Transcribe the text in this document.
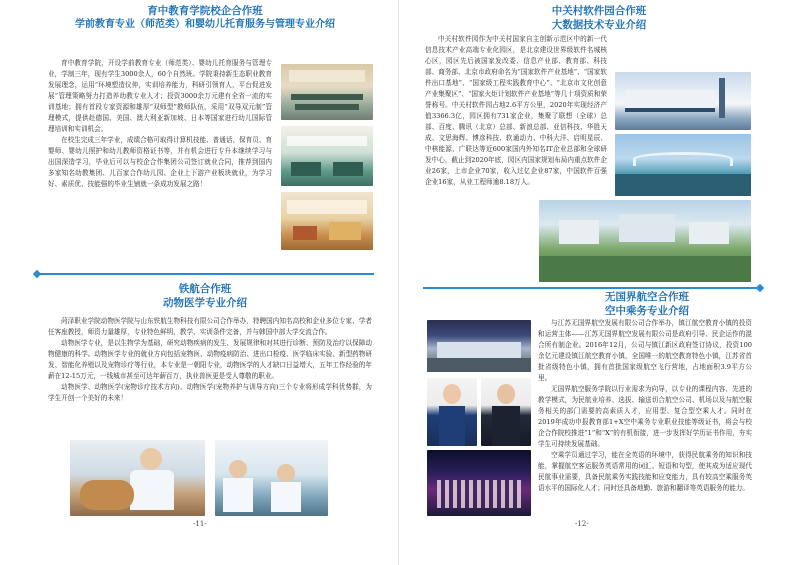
育中教育学院校企合作班
学前教育专业（师范类）和婴幼儿托育服务与管理专业介绍

育中教育学院，开设学前教育专业（师范类）、婴幼儿托育服务与管理专业，学制三年，现有学生3000余人，60个自然班。学院秉持新生态职业教育发展理念，运用“环境塑造仪仲，实训培养能力，科研引领育人，平台促进发展”管理策略努力打造养幼教专业人才；投资3000余万元建有全省一流的实训基地；拥有首段专家资源和雄厚“双师型”教师队伍，采用“双导双元制”管理模式，提供赴德国、美国、澳大利亚新加坡、日本等国家进行幼儿国际管理培训和实训机会。

在校生完成三年学业，成绩合格可取得计算机技能、普通话、保育员、育婴师、婴幼儿照护和幼儿教师资格证书等，并有机会进行专升本继续学习与出国深造学习，毕业后可以与校企合作集团公司签订就业合同，推荐到国内多家知名幼教集团、儿百家合作幼儿园、企业上下游产业板块就业，为学习好、素质优、技能强的毕业生铺就一条成功发展之路！

铁航合作班
动物医学专业介绍

菏泽职业学院动物医学院与山东铁航生物科技有限公司合作举办，特聘国内知名高校和企业多位专家、学者任客座教授，师资力量雄厚，专业特色鲜明，教学、实训条件完备，并与韩国中部大学交流合作。

动物医学专业，是以生物学为基础，研究动物疾病的发生、发展规律和对其进行诊断、预防及治疗以保障动物健康的科学。动物医学专业的就业方向包括宠物医、动物疫病防治、进出口检疫、医学临床实验、新型药物研发、智能化养殖以及宠物诊疗等行业，本专业是一朝阳专业，动物医学的人才缺口日益增大，五年工作经验的年薪在12-15万元，一线城市甚至可达年薪百万，执业兽医更是受人尊敬的职业。

动物医学、动物医学(宠物诊疗技术方向)、动物医学(宠物养护与训导方向)三个专业将形成学科优势群，为学生开创一个美好的未来！

-11-
中关村软件园合作班
大数据技术专业介绍

中关村软件园作为中关村国家自主创新示范区中的新一代信息技术产业高端专业化园区，是北京建设世界级软件名城核心区，园区先后被国家发改委、信息产业部、教育部、科技部、商务部、北京市政府命名为“国家软件产业基地”、“国家软件出口基地”、“国家级工程实践教育中心”、“北京市文化创意产业集聚区”、“国家火炬计划软件产业基地”等几十项资质和荣誉称号。中关村软件园占地2.6平方公里，2020年实现经济产值3366.3亿，园区拥有731家企业，集聚了联想（全球）总部、百度、腾讯（北京）总部、新浪总部、亚信科技、华胜天成、文思海辉、博彦科技、软通动力、中科大洋、启明星辰、中核能源、广联达等近600家国内外知名IT企业总部和全球研发中心，截止到2020年底，园区内国家规划布局内重点软件企业26家，上市企业70家，收入过亿企业87家，中国软件百强企业16家，从业工程师逾8.18万人。

无国界航空合作班
空中乘务专业介绍

与江苏无国界航空发展有限公司合作举办，镇江航空教育小镇的投资和运营主体——江苏无国界航空发展有限公司是政府引导、民企运作的混合所有制企业。2016年12月，公司与镇江新区政府签订协议，投资100余亿元建设镇江航空教育小镇，全国唯一的航空教育特色小镇，江苏省首批省级特色小镇，拥有首批国家级航空飞行营地，占地面积3.9平方公里。

无国界航空服务学院以行业需求为向导，以专业的课程内容、先进的教学模式，为民航业培养、选拔、输送切合航空公司、机场以及与航空服务相关的部门需要的高素质人才，应用型、复合型空乘人才。同时在2019年成功申报教育部1+X空中乘务专业职业技能等级证书，将会与校企合作院校推进“1”和“X”的有机衔接，进一步发挥好学历证书作用，夯实学生可持续发展基础。

空乘学员通过学习，能在全英语的环境中，获得民航乘务的知识和技能，掌握航空客运服务英语常用的词汇、短语和句型，使其成为适应现代民航事业需要，具备民航乘务实践技能和应变能力，具有较高空乘服务英语水平的国际化人才；同时还具备地勤、旅游和翻译等英语服务的能力。

-12-
